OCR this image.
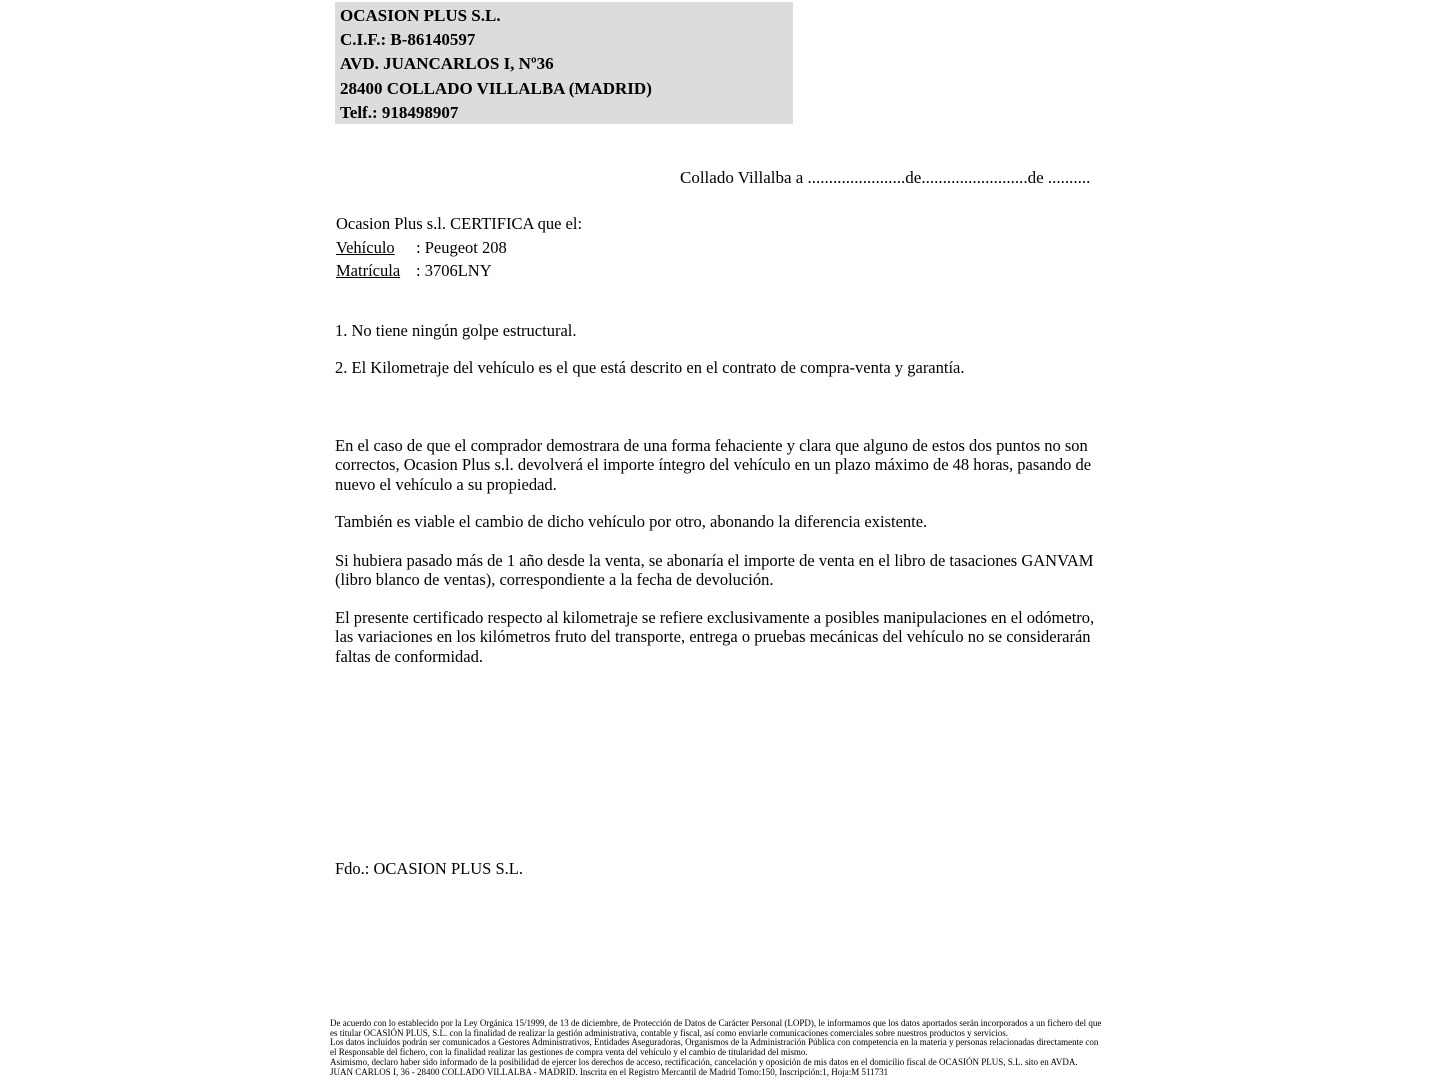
OCASION PLUS S.L.
C.I.F.: B-86140597
AVD. JUANCARLOS I, Nº36
28400 COLLADO VILLALBA (MADRID)
Telf.: 918498907
Collado Villalba a .......................de.........................de ..........
Ocasion Plus s.l. CERTIFICA que el:
Vehículo : Peugeot 208
Matrícula : 3706LNY
1. No tiene ningún golpe estructural.
2. El Kilometraje del vehículo es el que está descrito en el contrato de compra-venta y garantía.
En el caso de que el comprador demostrara de una forma fehaciente y clara que alguno de estos dos puntos no son correctos, Ocasion Plus s.l. devolverá el importe íntegro del vehículo en un plazo máximo de 48 horas, pasando de nuevo el vehículo a su propiedad.
También es viable el cambio de dicho vehículo por otro, abonando la diferencia existente.
Si hubiera pasado más de 1 año desde la venta, se abonaría el importe de venta en el libro de tasaciones GANVAM (libro blanco de ventas), correspondiente a la fecha de devolución.
El presente certificado respecto al kilometraje se refiere exclusivamente a posibles manipulaciones en el odómetro, las variaciones en los kilómetros fruto del transporte, entrega o pruebas mecánicas del vehículo no se considerarán faltas de conformidad.
Fdo.: OCASION PLUS S.L.

De acuerdo con lo establecido por la Ley Orgánica 15/1999, de 13 de diciembre, de Protección de Datos de Carácter Personal (LOPD), le informamos que los datos aportados serán incorporados a un fichero del que es titular OCASIÓN PLUS, S.L. con la finalidad de realizar la gestión administrativa, contable y fiscal, así como enviarle comunicaciones comerciales sobre nuestros productos y servicios.

Los datos incluidos podrán ser comunicados a Gestores Administrativos, Entidades Aseguradoras, Organismos de la Administración Pública con competencia en la materia y personas relacionadas directamente con el Responsable del fichero, con la finalidad realizar las gestiones de compra venta del vehículo y el cambio de titularidad del mismo.

Asimismo, declaro haber sido informado de la posibilidad de ejercer los derechos de acceso, rectificación, cancelación y oposición de mis datos en el domicilio fiscal de OCASIÓN PLUS, S.L. sito en AVDA. JUAN CARLOS I, 36 - 28400 COLLADO VILLALBA - MADRID. Inscrita en el Registro Mercantil de Madrid Tomo:150, Inscripción:1, Hoja:M 511731
